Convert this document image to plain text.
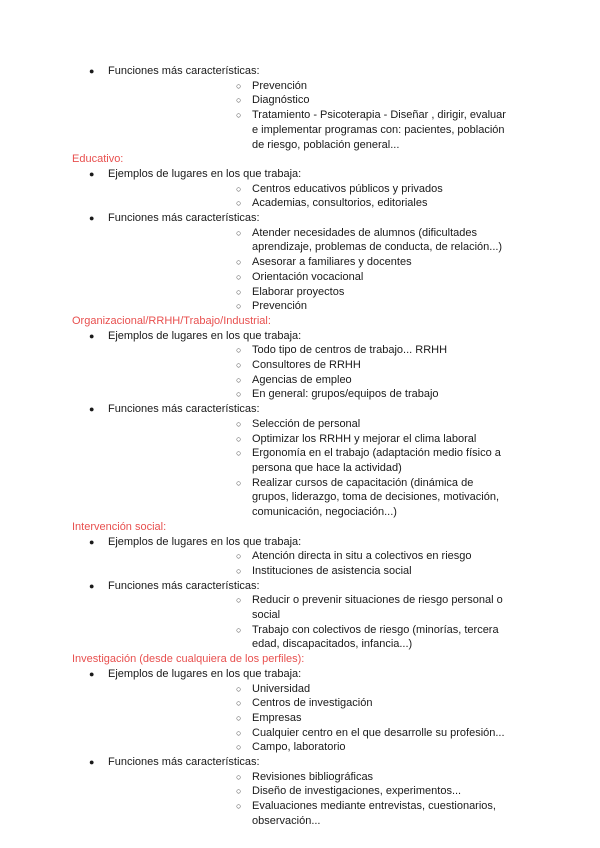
● Funciones más características:
○ Prevención
○ Diagnóstico
○ Tratamiento - Psicoterapia - Diseñar , dirigir, evaluar e implementar programas con: pacientes, población de riesgo, población general...
Educativo:
● Ejemplos de lugares en los que trabaja:
○ Centros educativos públicos y privados
○ Academias, consultorios, editoriales
● Funciones más características:
○ Atender necesidades de alumnos (dificultades aprendizaje, problemas de conducta, de relación...)
○ Asesorar a familiares y docentes
○ Orientación vocacional
○ Elaborar proyectos
○ Prevención
Organizacional/RRHH/Trabajo/Industrial:
● Ejemplos de lugares en los que trabaja:
○ Todo tipo de centros de trabajo... RRHH
○ Consultores de RRHH
○ Agencias de empleo
○ En general: grupos/equipos de trabajo
● Funciones más características:
○ Selección de personal
○ Optimizar los RRHH y mejorar el clima laboral
○ Ergonomía en el trabajo (adaptación medio físico a persona que hace la actividad)
○ Realizar cursos de capacitación (dinámica de grupos, liderazgo, toma de decisiones, motivación, comunicación, negociación...)
Intervención social:
● Ejemplos de lugares en los que trabaja:
○ Atención directa in situ a colectivos en riesgo
○ Instituciones de asistencia social
● Funciones más características:
○ Reducir o prevenir situaciones de riesgo personal o social
○ Trabajo con colectivos de riesgo (minorías, tercera edad, discapacitados, infancia...)
Investigación (desde cualquiera de los perfiles):
● Ejemplos de lugares en los que trabaja:
○ Universidad
○ Centros de investigación
○ Empresas
○ Cualquier centro en el que desarrolle su profesión...
○ Campo, laboratorio
● Funciones más características:
○ Revisiones bibliográficas
○ Diseño de investigaciones, experimentos...
○ Evaluaciones mediante entrevistas, cuestionarios, observación...
